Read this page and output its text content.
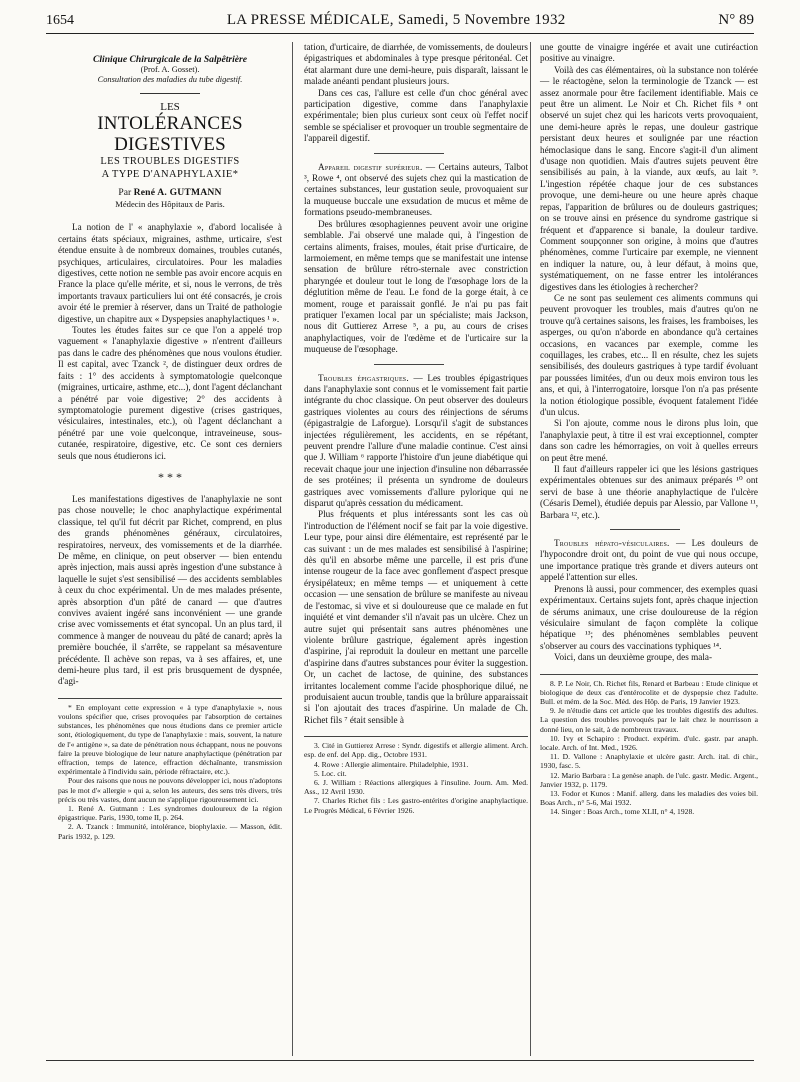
1654	LA PRESSE MÉDICALE, Samedi, 5 Novembre 1932	N° 89
Clinique Chirurgicale de la Salpêtrière
(Prof. A. Gosset).
Consultation des maladies du tube digestif.
LES
INTOLÉRANCES DIGESTIVES
LES TROUBLES DIGESTIFS
A TYPE D'ANAPHYLAXIE*
Par René A. GUTMANN
Médecin des Hôpitaux de Paris.

La notion de l' « anaphylaxie », d'abord localisée à certains états spéciaux, migraines, asthme, urticaire, s'est étendue ensuite à de nombreux domaines, troubles cutanés, psychiques, articulaires, circulatoires. Pour les maladies digestives, cette notion ne semble pas avoir encore acquis en France la place qu'elle mérite, et si, nous le verrons, de très importants travaux particuliers lui ont été consacrés, je crois avoir été le premier à réserver, dans un Traité de pathologie digestive, un chapitre aux « Dyspepsies anaphylactiques ¹ ».

Toutes les études faites sur ce que l'on a appelé trop vaguement « l'anaphylaxie digestive » n'entrent d'ailleurs pas dans le cadre des phénomènes que nous voulons étudier. Il est capital, avec Tzanck ², de distinguer deux ordres de faits : 1° des accidents à symptomatologie quelconque (migraines, urticaire, asthme, etc...), dont l'agent déclanchant a pénétré par voie digestive; 2° des accidents à symptomatologie purement digestive (crises gastriques, vésiculaires, intestinales, etc.), où l'agent déclanchant a pénétré par une voie quelconque, intraveineuse, sous-cutanée, respiratoire, digestive, etc. Ce sont ces derniers seuls que nous étudierons ici.

* * *

Les manifestations digestives de l'anaphylaxie ne sont pas chose nouvelle; le choc anaphylactique expérimental classique, tel qu'il fut décrit par Richet, comprend, en plus des grands phénomènes généraux, circulatoires, respiratoires, nerveux, des vomissements et de la diarrhée. De même, en clinique, on peut observer — bien entendu après injection, mais aussi après ingestion d'une substance à laquelle le sujet s'est sensibilisé — des accidents semblables à ceux du choc expérimental. Un de mes malades présente, après absorption d'un pâté de canard — que d'autres convives avaient ingéré sans inconvénient — une grande crise avec vomissements et état syncopal. Un an plus tard, il commence à manger de nouveau du pâté de canard; après la première bouchée, il s'arrête, se rappelant sa mésaventure précédente. Il achève son repas, va à ses affaires, et, une demi-heure plus tard, il est pris brusquement de dyspnée, d'agi-

* En employant cette expression « à type d'anaphylaxie », nous voulons spécifier que, crises provoquées par l'absorption de certaines substances, les phénomènes que nous étudions dans ce premier article sont, étiologiquement, du type de l'anaphylaxie : mais, souvent, la nature de l'« antigène », sa date de pénétration nous échappant, nous ne pouvons faire la preuve biologique de leur nature anaphylactique (pénétration par effraction, temps de latence, effraction déchaînante, transmission expérimentale à l'individu sain, période réfractaire, etc.).

Pour des raisons que nous ne pouvons développer ici, nous n'adoptons pas le mot d'« allergie » qui a, selon les auteurs, des sens très divers, très précis ou très vastes, dont aucun ne s'applique rigoureusement ici.

1. René A. Gutmann : Les syndromes douloureux de la région épigastrique. Paris, 1930, tome II, p. 264.

2. A. Tzanck : Immunité, intolérance, biophylaxie. — Masson, édit. Paris 1932, p. 129.

tation, d'urticaire, de diarrhée, de vomissements, de douleurs épigastriques et abdominales à type presque péritonéal. Cet état alarmant dure une demi-heure, puis disparaît, laissant le malade anéanti pendant plusieurs jours.

Dans ces cas, l'allure est celle d'un choc général avec participation digestive, comme dans l'anaphylaxie expérimentale; bien plus curieux sont ceux où l'effet nocif semble se spécialiser et provoquer un trouble segmentaire de l'appareil digestif.

Appareil digestif supérieur. — Certains auteurs, Talbot ³, Rowe ⁴, ont observé des sujets chez qui la mastication de certaines substances, leur gustation seule, provoquaient sur la muqueuse buccale une exsudation de mucus et même de formations pseudo-membraneuses.

Des brûlures œsophagiennes peuvent avoir une origine semblable. J'ai observé une malade qui, à l'ingestion de certains aliments, fraises, moules, était prise d'urticaire, de larmoiement, en même temps que se manifestait une intense sensation de brûlure rétro-sternale avec constriction pharyngée et douleur tout le long de l'œsophage lors de la déglutition même de l'eau. Le fond de la gorge était, à ce moment, rouge et paraissait gonflé. Je n'ai pu pas fait pratiquer l'examen local par un spécialiste; mais Jackson, nous dit Guttierez Arrese ⁵, a pu, au cours de crises anaphylactiques, voir de l'œdème et de l'urticaire sur la muqueuse de l'œsophage.

Troubles épigastriques. — Les troubles épigastriques dans l'anaphylaxie sont connus et le vomissement fait partie intégrante du choc classique. On peut observer des douleurs gastriques violentes au cours des réinjections de sérums (épigastralgie de Laforgue). Lorsqu'il s'agit de substances injectées régulièrement, les accidents, en se répétant, peuvent prendre l'allure d'une maladie continue. C'est ainsi que J. William ⁶ rapporte l'histoire d'un jeune diabétique qui recevait chaque jour une injection d'insuline non débarrassée de ses protéines; il présenta un syndrome de douleurs gastriques avec vomissements d'allure pylorique qui ne disparut qu'après cessation du médicament.

Plus fréquents et plus intéressants sont les cas où l'introduction de l'élément nocif se fait par la voie digestive. Leur type, pour ainsi dire élémentaire, est représenté par le cas suivant : un de mes malades est sensibilisé à l'aspirine; dès qu'il en absorbe même une parcelle, il est pris d'une intense rougeur de la face avec gonflement d'aspect presque érysipélateux; en même temps — et uniquement à cette occasion — une sensation de brûlure se manifeste au niveau de l'estomac, si vive et si douloureuse que ce malade en fut inquiété et vint demander s'il n'avait pas un ulcère. Chez un autre sujet qui présentait sans autres phénomènes une violente brûlure gastrique, également après ingestion d'aspirine, j'ai reproduit la douleur en mettant une parcelle d'aspirine dans d'autres substances pour éviter la suggestion. Or, un cachet de lactose, de quinine, des substances irritantes localement comme l'acide phosphorique dilué, ne produisaient aucun trouble, tandis que la brûlure apparaissait si l'on ajoutait des traces d'aspirine. Un malade de Ch. Richet fils ⁷ était sensible à

3. Cité in Guttierez Arrese : Syndr. digestifs et allergie aliment. Arch. esp. de enf. del App. dig., Octobre 1931.

4. Rowe : Allergie alimentaire. Philadelphie, 1931.

5. Loc. cit.

6. J. William : Réactions allergiques à l'insuline. Journ. Am. Med. Ass., 12 Avril 1930.

7. Charles Richet fils : Les gastro-entérites d'origine anaphylactique. Le Progrès Médical, 6 Février 1926.

une goutte de vinaigre ingérée et avait une cutiréaction positive au vinaigre.

Voilà des cas élémentaires, où la substance non tolérée — le réactogène, selon la terminologie de Tzanck — est assez anormale pour être facilement identifiable. Mais ce peut être un aliment. Le Noir et Ch. Richet fils ⁸ ont observé un sujet chez qui les haricots verts provoquaient, une demi-heure après le repas, une douleur gastrique persistant deux heures et soulignée par une réaction hémoclasique dans le sang. Encore s'agit-il d'un aliment d'usage non quotidien. Mais d'autres sujets peuvent être sensibilisés au pain, à la viande, aux œufs, au lait ⁹. L'ingestion répétée chaque jour de ces substances provoque, une demi-heure ou une heure après chaque repas, l'apparition de brûlures ou de douleurs gastriques; on se trouve ainsi en présence du syndrome gastrique si fréquent et d'apparence si banale, la douleur tardive. Comment soupçonner son origine, à moins que d'autres phénomènes, comme l'urticaire par exemple, ne viennent en indiquer la nature, ou, à leur défaut, à moins que, systématiquement, on ne fasse entrer les intolérances digestives dans les étiologies à rechercher?

Ce ne sont pas seulement ces aliments communs qui peuvent provoquer les troubles, mais d'autres qu'on ne trouve qu'à certaines saisons, les fraises, les framboises, les asperges, ou qu'on n'aborde en abondance qu'à certaines occasions, en vacances par exemple, comme les coquillages, les crabes, etc... Il en résulte, chez les sujets sensibilisés, des douleurs gastriques à type tardif évoluant par poussées limitées, d'un ou deux mois environ tous les ans, et qui, à l'interrogatoire, lorsque l'on n'a pas présente la notion étiologique possible, évoquent fatalement l'idée d'un ulcus.

Si l'on ajoute, comme nous le dirons plus loin, que l'anaphylaxie peut, à titre il est vrai exceptionnel, compter dans son cadre les hémorragies, on voit à quelles erreurs on peut être mené.

Il faut d'ailleurs rappeler ici que les lésions gastriques expérimentales obtenues sur des animaux préparés ¹⁰ ont servi de base à une théorie anaphylactique de l'ulcère (Césaris Demel), étudiée depuis par Alessio, par Vallone ¹¹, Barbara ¹², etc.).

Troubles hépato-vésiculaires. — Les douleurs de l'hypocondre droit ont, du point de vue qui nous occupe, une importance pratique très grande et divers auteurs ont appelé l'attention sur elles.

Prenons là aussi, pour commencer, des exemples quasi expérimentaux. Certains sujets font, après chaque injection de sérums animaux, une crise douloureuse de la région vésiculaire simulant de façon complète la colique hépatique ¹³; des phénomènes semblables peuvent s'observer au cours des vaccinations typhiques ¹⁴.

Voici, dans un deuxième groupe, des mala-

8. P. Le Noir, Ch. Richet fils, Renard et Barbeau : Etude clinique et biologique de deux cas d'entérocolite et de dyspepsie chez l'adulte. Bull. et mém. de la Soc. Méd. des Hôp. de Paris, 19 Janvier 1923.

9. Je n'étudie dans cet article que les troubles digestifs des adultes. La question des troubles provoqués par le lait chez le nourrisson a donné lieu, on le sait, à de nombreux travaux.

10. Ivy et Schapiro : Product. expérim. d'ulc. gastr. par anaph. locale. Arch. of Int. Med., 1926.

11. D. Vallone : Anaphylaxie et ulcère gastr. Arch. ital. di chir., 1930, fasc. 5.

12. Mario Barbara : La genèse anaph. de l'ulc. gastr. Medic. Argent., Janvier 1932, p. 1179.

13. Fodor et Kunos : Manif. allerg. dans les maladies des voies bil. Boas Arch., n° 5-6, Mai 1932.

14. Singer : Boas Arch., tome XLII, n° 4, 1928.
